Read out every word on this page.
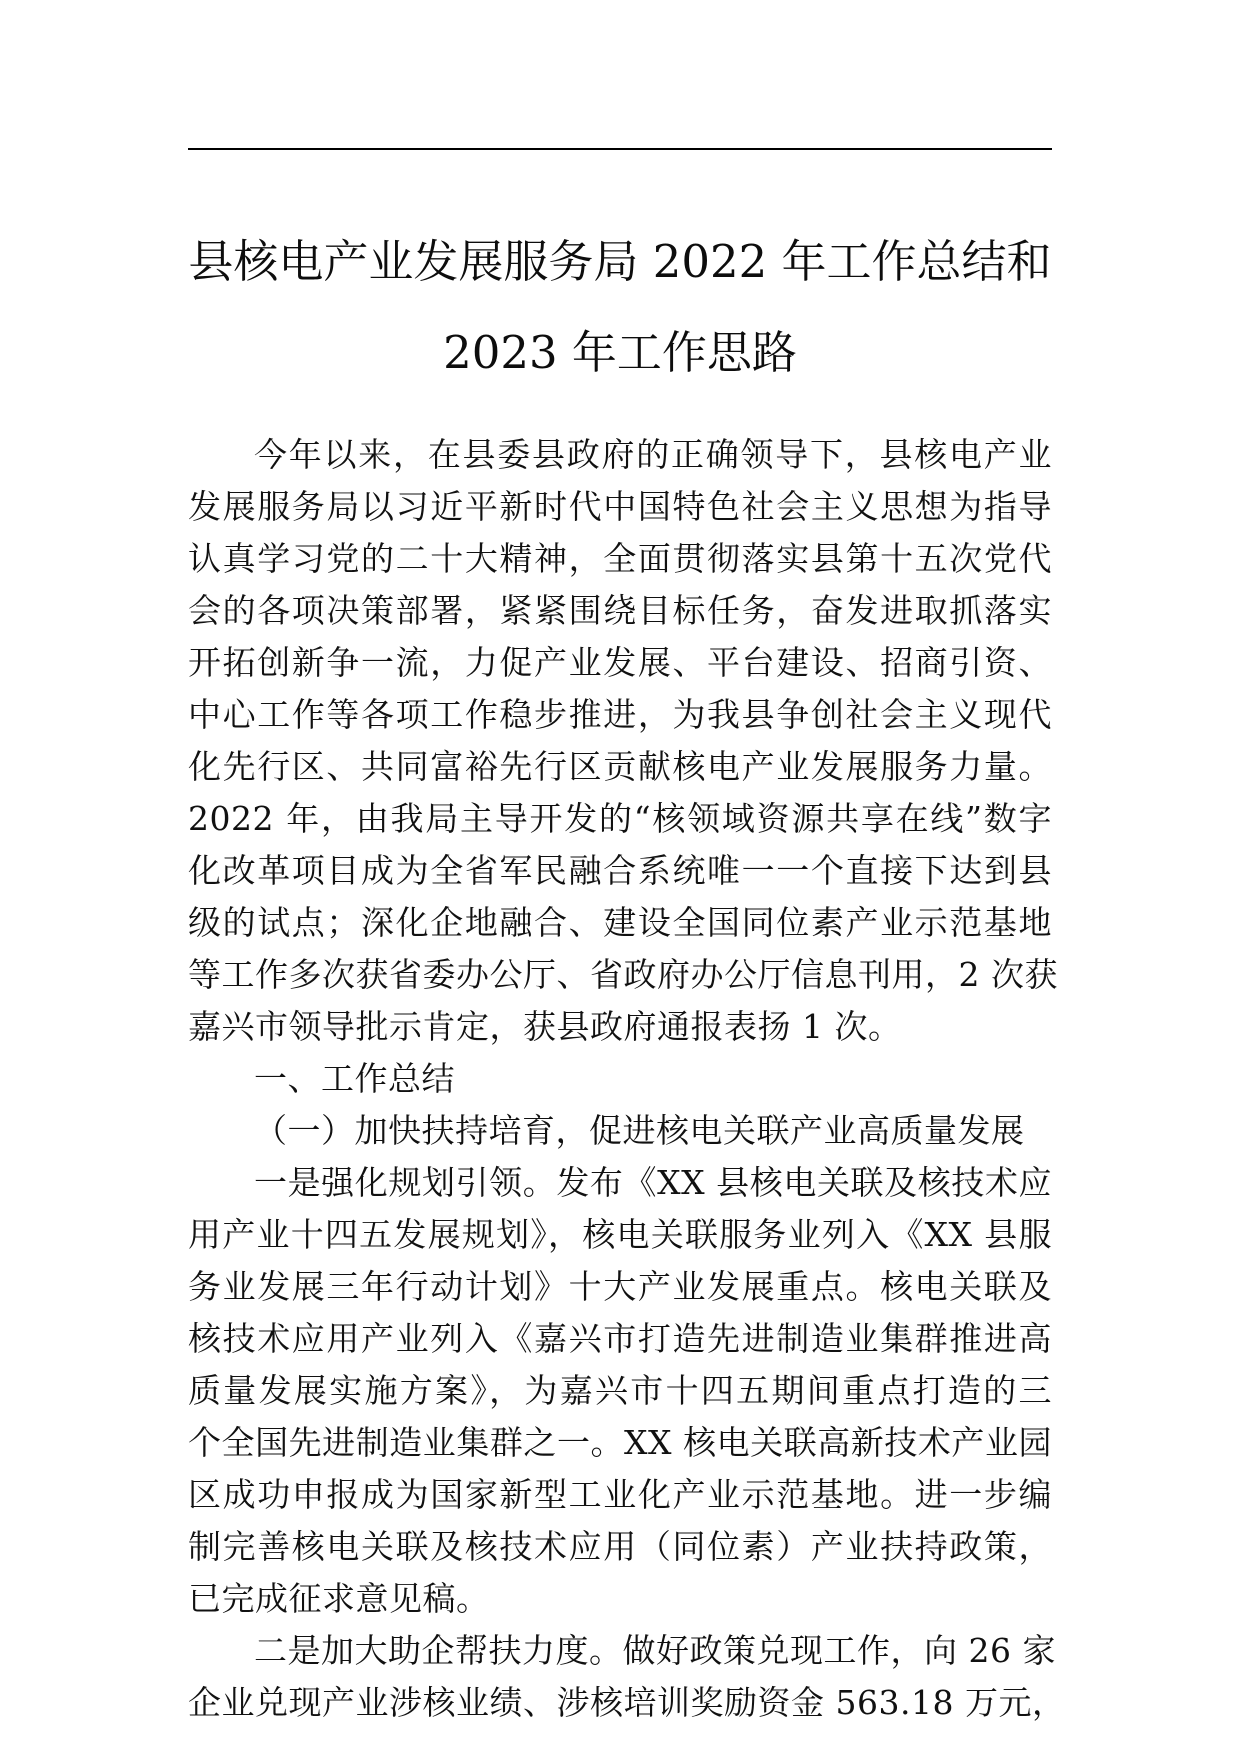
县核电产业发展服务局 2022 年工作总结和
2023 年工作思路
今年以来，在县委县政府的正确领导下，县核电产业
发展服务局以习近平新时代中国特色社会主义思想为指导
认真学习党的二十大精神，全面贯彻落实县第十五次党代
会的各项决策部署，紧紧围绕目标任务，奋发进取抓落实
开拓创新争一流，力促产业发展、平台建设、招商引资、
中心工作等各项工作稳步推进，为我县争创社会主义现代
化先行区、共同富裕先行区贡献核电产业发展服务力量。
2022 年，由我局主导开发的“核领域资源共享在线”数字
化改革项目成为全省军民融合系统唯一一个直接下达到县
级的试点；深化企地融合、建设全国同位素产业示范基地
等工作多次获省委办公厅、省政府办公厅信息刊用，2 次获
嘉兴市领导批示肯定，获县政府通报表扬 1 次。
一、工作总结
（一）加快扶持培育，促进核电关联产业高质量发展
一是强化规划引领。发布《XX 县核电关联及核技术应
用产业十四五发展规划》，核电关联服务业列入《XX 县服
务业发展三年行动计划》十大产业发展重点。核电关联及
核技术应用产业列入《嘉兴市打造先进制造业集群推进高
质量发展实施方案》，为嘉兴市十四五期间重点打造的三
个全国先进制造业集群之一。XX 核电关联高新技术产业园
区成功申报成为国家新型工业化产业示范基地。进一步编
制完善核电关联及核技术应用（同位素）产业扶持政策，
已完成征求意见稿。
二是加大助企帮扶力度。做好政策兑现工作，向 26 家
企业兑现产业涉核业绩、涉核培训奖励资金 563.18 万元，
